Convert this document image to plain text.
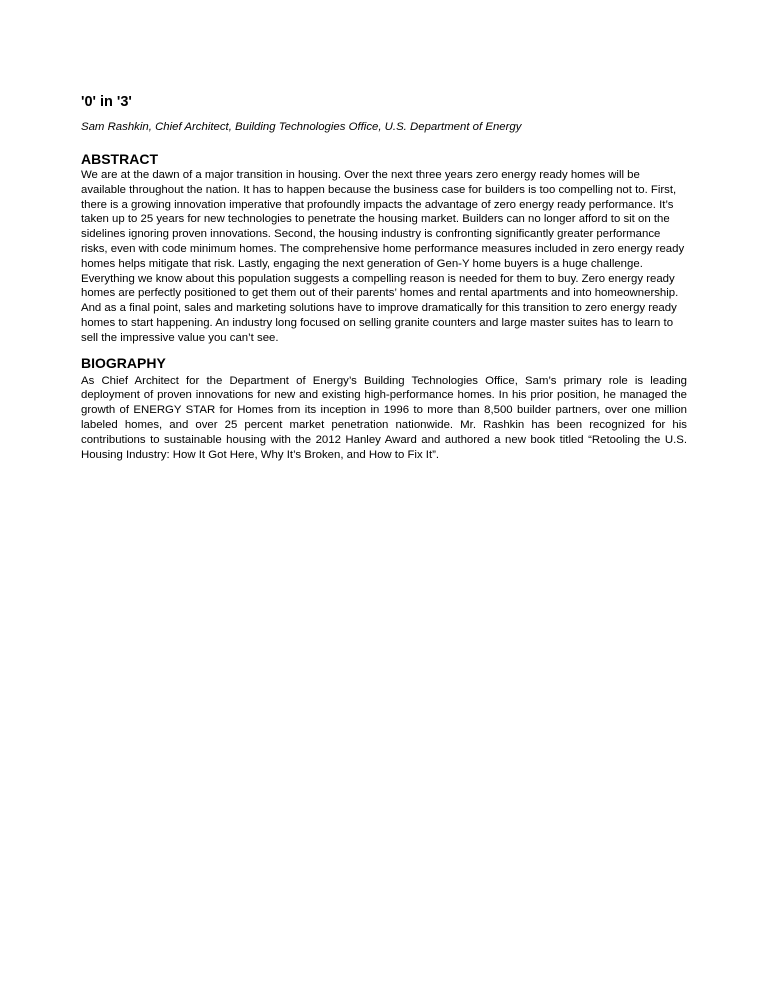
'0' in '3'

Sam Rashkin, Chief Architect, Building Technologies Office, U.S. Department of Energy

ABSTRACT

We are at the dawn of a major transition in housing. Over the next three years zero energy ready homes will be available throughout the nation. It has to happen because the business case for builders is too compelling not to. First, there is a growing innovation imperative that profoundly impacts the advantage of zero energy ready performance. It’s taken up to 25 years for new technologies to penetrate the housing market. Builders can no longer afford to sit on the sidelines ignoring proven innovations. Second, the housing industry is confronting significantly greater performance risks, even with code minimum homes. The comprehensive home performance measures included in zero energy ready homes helps mitigate that risk. Lastly, engaging the next generation of Gen-Y home buyers is a huge challenge. Everything we know about this population suggests a compelling reason is needed for them to buy. Zero energy ready homes are perfectly positioned to get them out of their parents’ homes and rental apartments and into homeownership. And as a final point, sales and marketing solutions have to improve dramatically for this transition to zero energy ready homes to start happening. An industry long focused on selling granite counters and large master suites has to learn to sell the impressive value you can’t see.

BIOGRAPHY

As Chief Architect for the Department of Energy’s Building Technologies Office, Sam’s primary role is leading deployment of proven innovations for new and existing high-performance homes. In his prior position, he managed the growth of ENERGY STAR for Homes from its inception in 1996 to more than 8,500 builder partners, over one million labeled homes, and over 25 percent market penetration nationwide. Mr. Rashkin has been recognized for his contributions to sustainable housing with the 2012 Hanley Award and authored a new book titled “Retooling the U.S. Housing Industry: How It Got Here, Why It’s Broken, and How to Fix It”.
